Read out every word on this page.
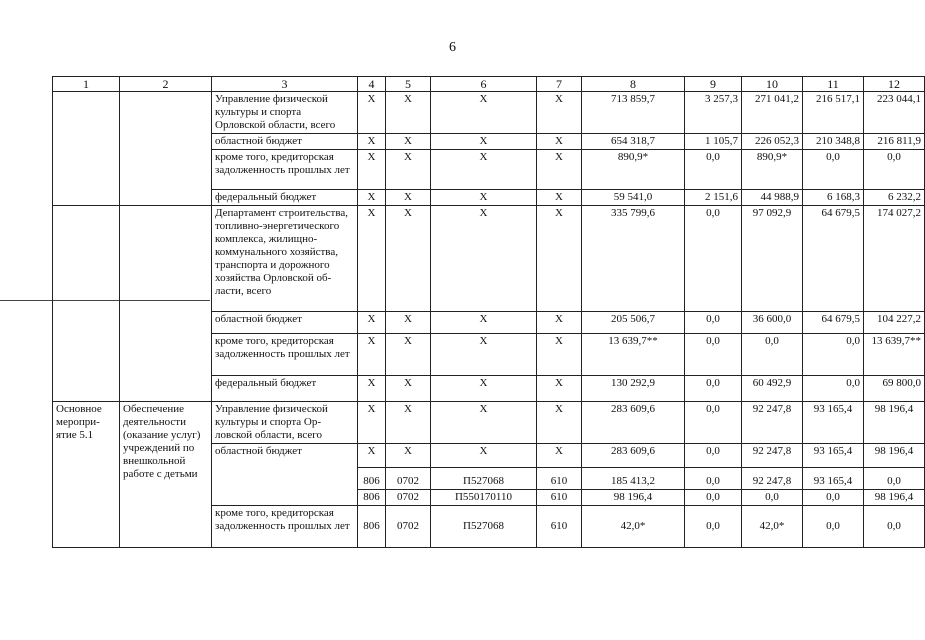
6
1	2	3	4	5	6	7	8	9	10	11	12
		Управление физической культуры и спорта Орловской области, всего	X	X	X	X	713 859,7	3 257,3	271 041,2	216 517,1	223 044,1
		областной бюджет	X	X	X	X	654 318,7	1 105,7	226 052,3	210 348,8	216 811,9
		кроме того, кредиторская задолженность прошлых лет	X	X	X	X	890,9*	0,0	890,9*	0,0	0,0
		федеральный бюджет	X	X	X	X	59 541,0	2 151,6	44 988,9	6 168,3	6 232,2
		Департамент строительства, топливно-энергетического комплекса, жилищно-коммунального хозяйства, транспорта и дорожного хозяйства Орловской области, всего	X	X	X	X	335 799,6	0,0	97 092,9	64 679,5	174 027,2
		областной бюджет	X	X	X	X	205 506,7	0,0	36 600,0	64 679,5	104 227,2
		кроме того, кредиторская задолженность прошлых лет	X	X	X	X	13 639,7**	0,0	0,0	0,0	13 639,7**
		федеральный бюджет	X	X	X	X	130 292,9	0,0	60 492,9	0,0	69 800,0
Основное мероприятие 5.1	Обеспечение деятельности (оказание услуг) учреждений по внешкольной работе с детьми	Управление физической культуры и спорта Орловской области, всего	X	X	X	X	283 609,6	0,0	92 247,8	93 165,4	98 196,4
		областной бюджет	X	X	X	X	283 609,6	0,0	92 247,8	93 165,4	98 196,4
			806	0702	П527068	610	185 413,2	0,0	92 247,8	93 165,4	0,0
			806	0702	П550170110	610	98 196,4	0,0	0,0	0,0	98 196,4
		кроме того, кредиторская задолженность прошлых лет	806	0702	П527068	610	42,0*	0,0	42,0*	0,0	0,0
